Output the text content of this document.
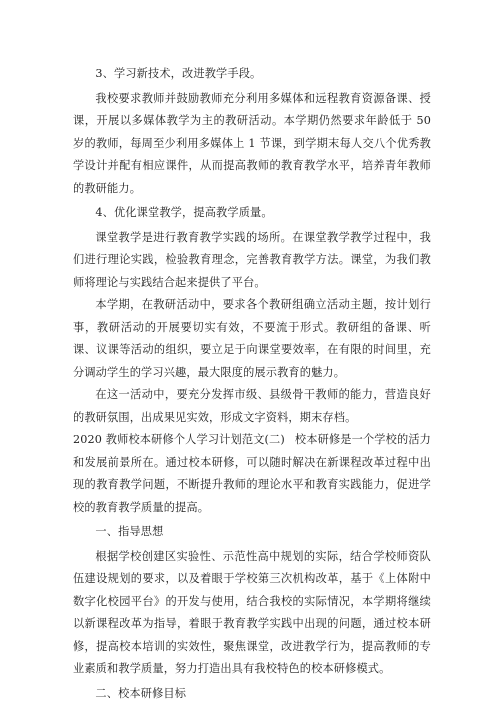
3、学习新技术，改进教学手段。

我校要求教师并鼓励教师充分利用多媒体和远程教育资源备课、授课，开展以多媒体教学为主的教研活动。本学期仍然要求年龄低于 50 岁的教师，每周至少利用多媒体上 1 节课，到学期末每人交八个优秀教学设计并配有相应课件，从而提高教师的教育教学水平，培养青年教师的教研能力。

4、优化课堂教学，提高教学质量。

课堂教学是进行教育教学实践的场所。在课堂教学教学过程中，我们进行理论实践，检验教育理念，完善教育教学方法。课堂，为我们教师将理论与实践结合起来提供了平台。

本学期，在教研活动中，要求各个教研组确立活动主题，按计划行事，教研活动的开展要切实有效，不要流于形式。教研组的备课、听课、议课等活动的组织，要立足于向课堂要效率，在有限的时间里，充分调动学生的学习兴趣，最大限度的展示教育的魅力。

在这一活动中，要充分发挥市级、县级骨干教师的能力，营造良好的教研氛围，出成果见实效，形成文字资料，期末存档。

2020 教师校本研修个人学习计划范文(二) 校本研修是一个学校的活力和发展前景所在。通过校本研修，可以随时解决在新课程改革过程中出现的教育教学问题，不断提升教师的理论水平和教育实践能力，促进学校的教育教学质量的提高。

一、指导思想

根据学校创建区实验性、示范性高中规划的实际，结合学校师资队伍建设规划的要求，以及着眼于学校第三次机构改革，基于《上体附中数字化校园平台》的开发与使用，结合我校的实际情况，本学期将继续以新课程改革为指导，着眼于教育教学实践中出现的问题，通过校本研修，提高校本培训的实效性，聚焦课堂，改进教学行为，提高教师的专业素质和教学质量，努力打造出具有我校特色的校本研修模式。

二、校本研修目标
